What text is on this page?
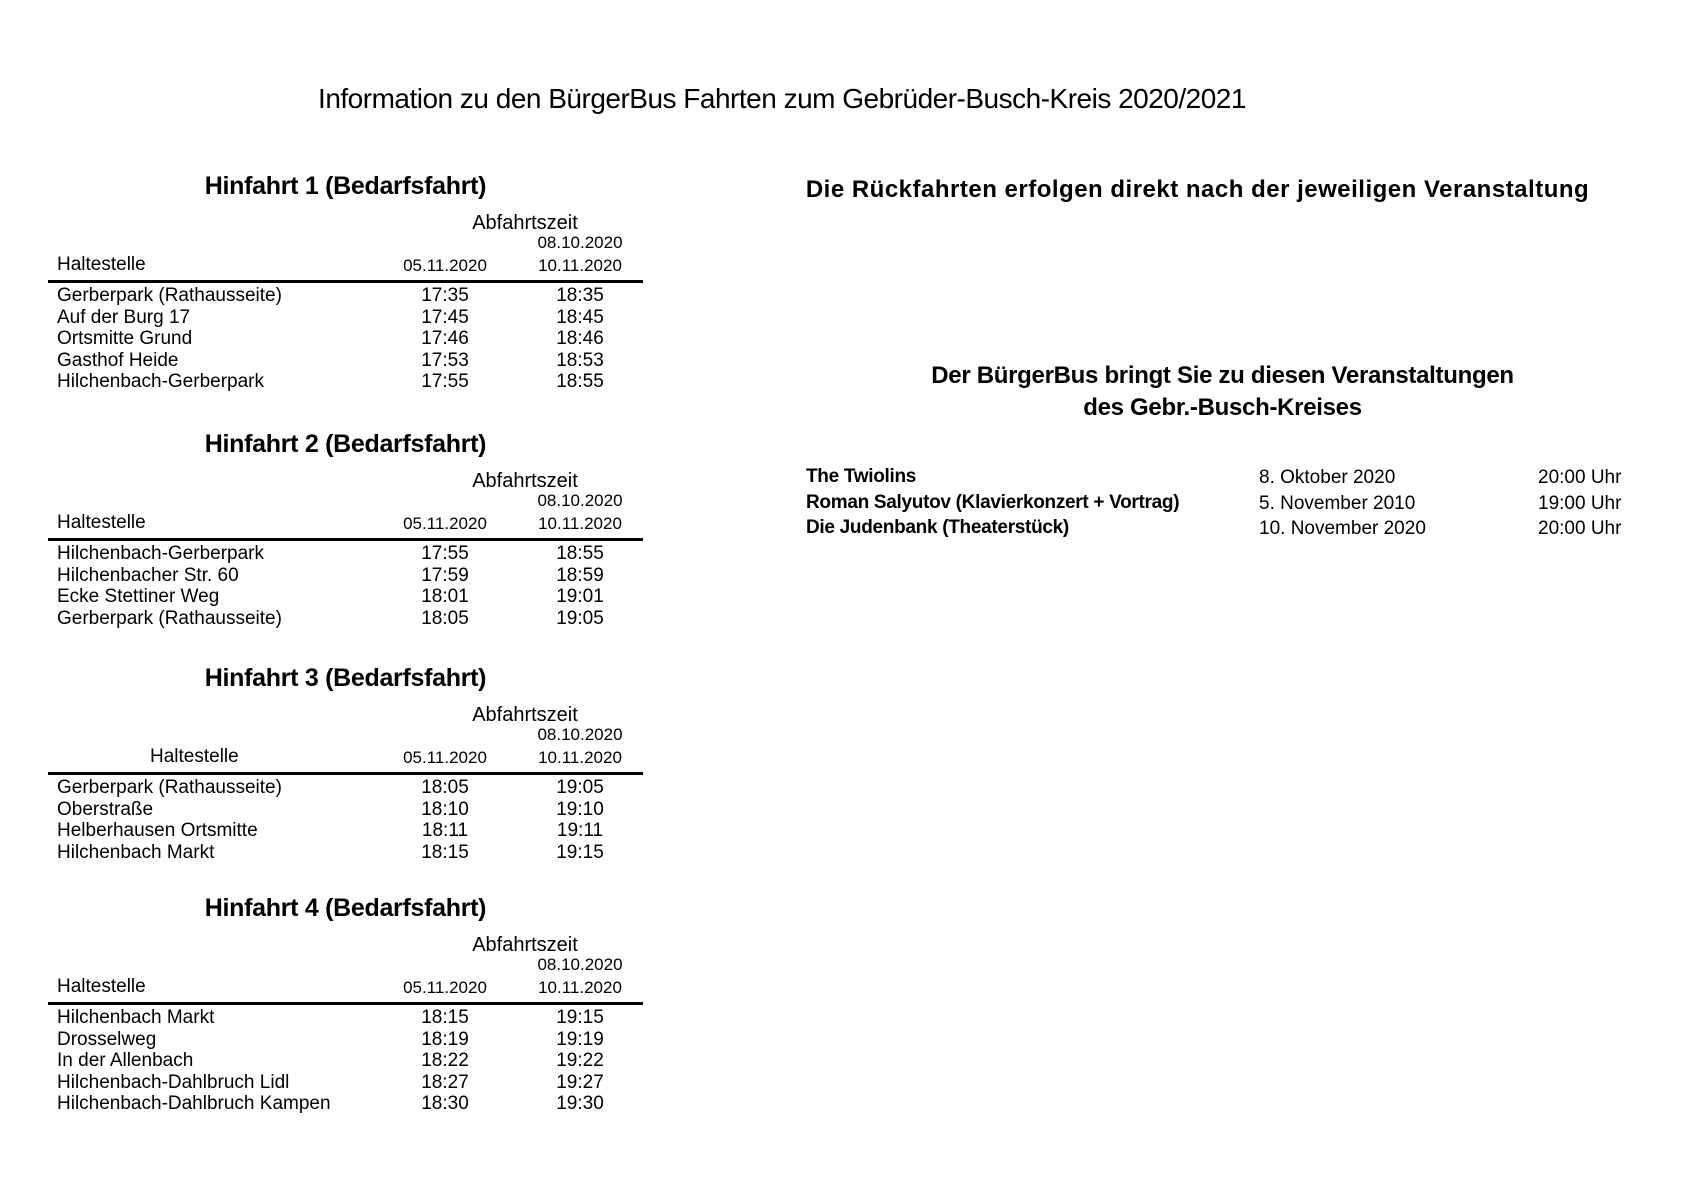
Information zu den BürgerBus Fahrten zum Gebrüder-Busch-Kreis 2020/2021
Hinfahrt 1 (Bedarfsfahrt)
Abfahrtszeit
08.10.2020
Haltestelle	05.11.2020	10.11.2020
Gerberpark (Rathausseite)	17:35	18:35
Auf der Burg 17	17:45	18:45
Ortsmitte Grund	17:46	18:46
Gasthof Heide	17:53	18:53
Hilchenbach-Gerberpark	17:55	18:55
Hinfahrt 2 (Bedarfsfahrt)
Abfahrtszeit
08.10.2020
Haltestelle	05.11.2020	10.11.2020
Hilchenbach-Gerberpark	17:55	18:55
Hilchenbacher Str. 60	17:59	18:59
Ecke Stettiner Weg	18:01	19:01
Gerberpark (Rathausseite)	18:05	19:05
Hinfahrt 3 (Bedarfsfahrt)
Abfahrtszeit
08.10.2020
Haltestelle	05.11.2020	10.11.2020
Gerberpark (Rathausseite)	18:05	19:05
Oberstraße	18:10	19:10
Helberhausen Ortsmitte	18:11	19:11
Hilchenbach Markt	18:15	19:15
Hinfahrt 4 (Bedarfsfahrt)
Abfahrtszeit
08.10.2020
Haltestelle	05.11.2020	10.11.2020
Hilchenbach Markt	18:15	19:15
Drosselweg	18:19	19:19
In der Allenbach	18:22	19:22
Hilchenbach-Dahlbruch Lidl	18:27	19:27
Hilchenbach-Dahlbruch Kampen	18:30	19:30
Die Rückfahrten erfolgen direkt nach der jeweiligen Veranstaltung
Der BürgerBus bringt Sie zu diesen Veranstaltungen
des Gebr.-Busch-Kreises
The Twiolins	8. Oktober 2020	20:00 Uhr
Roman Salyutov (Klavierkonzert + Vortrag)	5. November 2010	19:00 Uhr
Die Judenbank (Theaterstück)	10. November 2020	20:00 Uhr
